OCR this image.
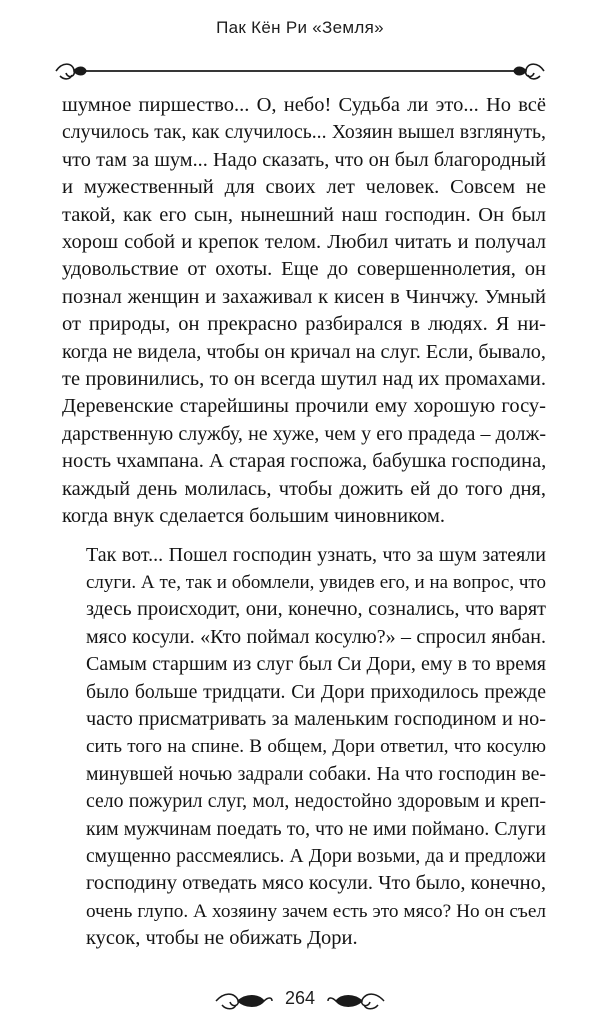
Пак Кён Ри «Земля»

шумное пиршество... О, небо! Судьба ли это... Но всё
случилось так, как случилось... Хозяин вышел взглянуть,
что там за шум... Надо сказать, что он был благородный
и мужественный для своих лет человек. Совсем не
такой, как его сын, нынешний наш господин. Он был
хорош собой и крепок телом. Любил читать и получал
удовольствие от охоты. Еще до совершеннолетия, он
познал женщин и захаживал к кисен в Чинчжу. Умный
от природы, он прекрасно разбирался в людях. Я ни-
когда не видела, чтобы он кричал на слуг. Если, бывало,
те провинились, то он всегда шутил над их промахами.
Деревенские старейшины прочили ему хорошую госу-
дарственную службу, не хуже, чем у его прадеда – долж-
ность чхампана. А старая госпожа, бабушка господина,
каждый день молилась, чтобы дожить ей до того дня,
когда внук сделается большим чиновником.

Так вот... Пошел господин узнать, что за шум затеяли
слуги. А те, так и обомлели, увидев его, и на вопрос, что
здесь происходит, они, конечно, сознались, что варят
мясо косули. «Кто поймал косулю?» – спросил янбан.
Самым старшим из слуг был Си Дори, ему в то время
было больше тридцати. Си Дори приходилось прежде
часто присматривать за маленьким господином и но-
сить того на спине. В общем, Дори ответил, что косулю
минувшей ночью задрали собаки. На что господин ве-
село пожурил слуг, мол, недостойно здоровым и креп-
ким мужчинам поедать то, что не ими поймано. Слуги
смущенно рассмеялись. А Дори возьми, да и предложи
господину отведать мясо косули. Что было, конечно,
очень глупо. А хозяину зачем есть это мясо? Но он съел
кусок, чтобы не обижать Дори.

264
